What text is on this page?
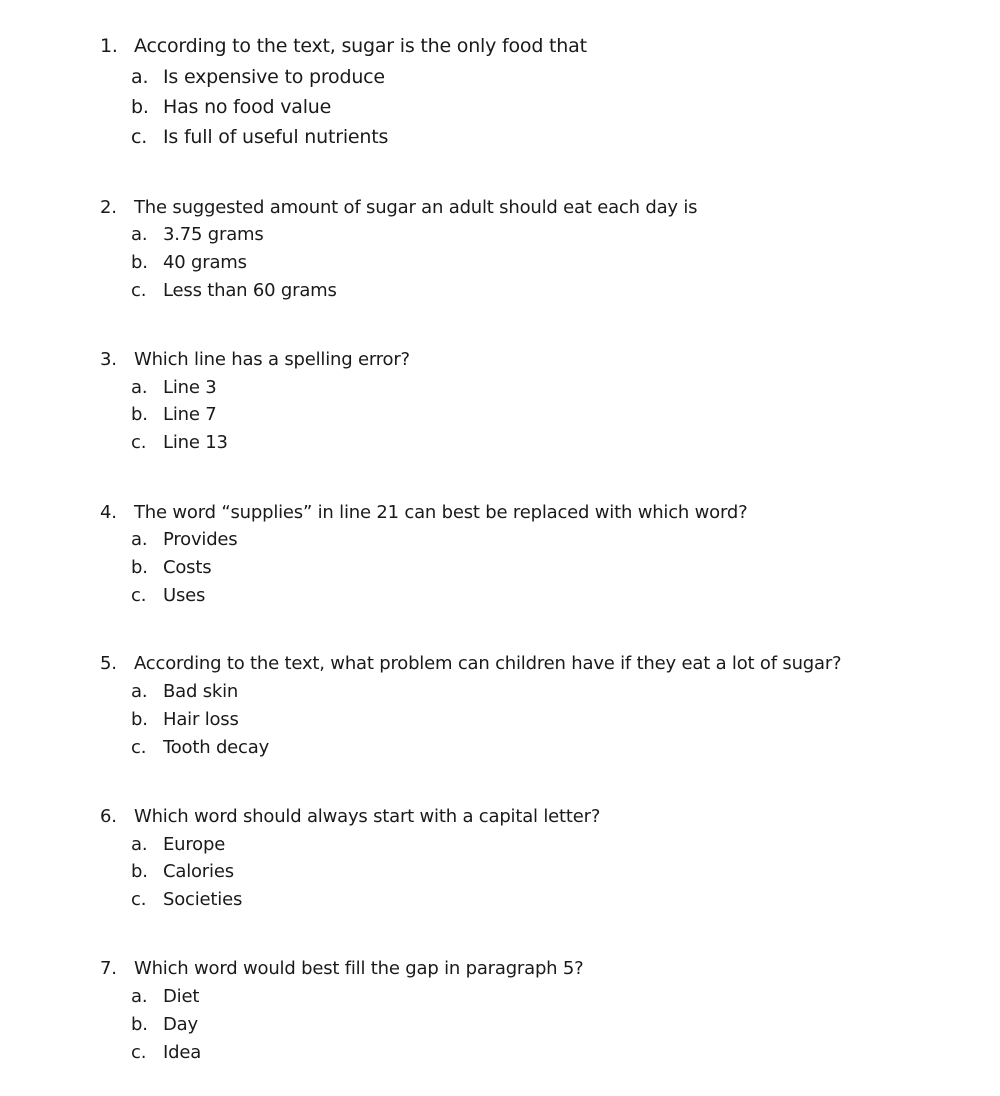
1. According to the text, sugar is the only food that
a. Is expensive to produce
b. Has no food value
c. Is full of useful nutrients
2. The suggested amount of sugar an adult should eat each day is
a. 3.75 grams
b. 40 grams
c. Less than 60 grams
3. Which line has a spelling error?
a. Line 3
b. Line 7
c. Line 13
4. The word “supplies” in line 21 can best be replaced with which word?
a. Provides
b. Costs
c. Uses
5. According to the text, what problem can children have if they eat a lot of sugar?
a. Bad skin
b. Hair loss
c. Tooth decay
6. Which word should always start with a capital letter?
a. Europe
b. Calories
c. Societies
7. Which word would best fill the gap in paragraph 5?
a. Diet
b. Day
c. Idea
